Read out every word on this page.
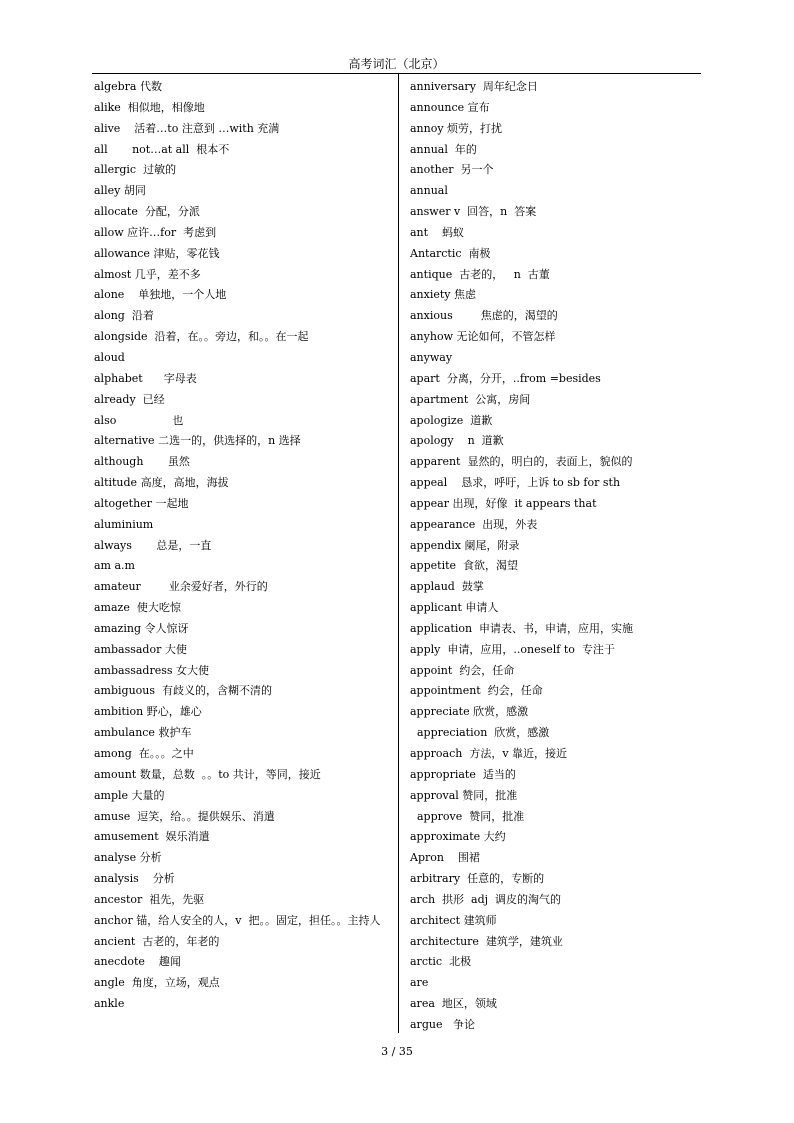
高考词汇（北京）
algebra 代数
alike  相似地，相像地
alive    活着…to 注意到 …with 充满
all       not…at all  根本不
allergic  过敏的
alley 胡同
allocate  分配，分派
allow 应许…for  考虑到
allowance 津贴，零花钱
almost 几乎，差不多
alone    单独地，一个人地
along  沿着
alongside  沿着，在。。旁边，和。。在一起
aloud
alphabet      字母表
already  已经
also                也
alternative 二选一的，供选择的，n 选择
although       虽然
altitude 高度，高地，海拔
altogether 一起地
aluminium
always       总是，一直
am a.m
amateur        业余爱好者，外行的
amaze  使大吃惊
amazing 令人惊讶
ambassador 大使
ambassadress 女大使
ambiguous  有歧义的，含糊不清的
ambition 野心，雄心
ambulance 救护车
among  在。。。之中
amount 数量，总数  。。to 共计，等同，接近
ample 大量的
amuse  逗笑，给。。提供娱乐、消遣
amusement  娱乐消遣
analyse 分析
analysis    分析
ancestor  祖先，先驱
anchor 锚，给人安全的人，v  把。。固定，担任。。主持人
ancient  古老的，年老的
anecdote    趣闻
angle  角度，立场，观点
ankle
anniversary  周年纪念日
announce 宣布
annoy 烦劳，打扰
annual  年的
another  另一个
annual
answer v  回答，n  答案
ant    蚂蚁
Antarctic  南极
antique  古老的，   n  古董
anxiety 焦虑
anxious        焦虑的，渴望的
anyhow 无论如何，不管怎样
anyway
apart  分离，分开，..from =besides
apartment  公寓，房间
apologize  道歉
apology    n  道歉
apparent  显然的，明白的，表面上，貌似的
appeal    恳求，呼吁，上诉 to sb for sth
appear 出现，好像  it appears that
appearance  出现，外表
appendix 阑尾，附录
appetite  食欲，渴望
applaud  鼓掌
applicant 申请人
application  申请表、书，申请，应用，实施
apply  申请，应用，..oneself to  专注于
appoint  约会，任命
appointment  约会，任命
appreciate 欣赏，感激
appreciation  欣赏，感激
approach  方法，v 靠近，接近
appropriate  适当的
approval 赞同，批准
approve  赞同，批准
approximate 大约
Apron    围裙
arbitrary  任意的，专断的
arch  拱形  adj  调皮的淘气的
architect 建筑师
architecture  建筑学，建筑业
arctic  北极
are
area  地区，领域
argue   争论
3 / 35
